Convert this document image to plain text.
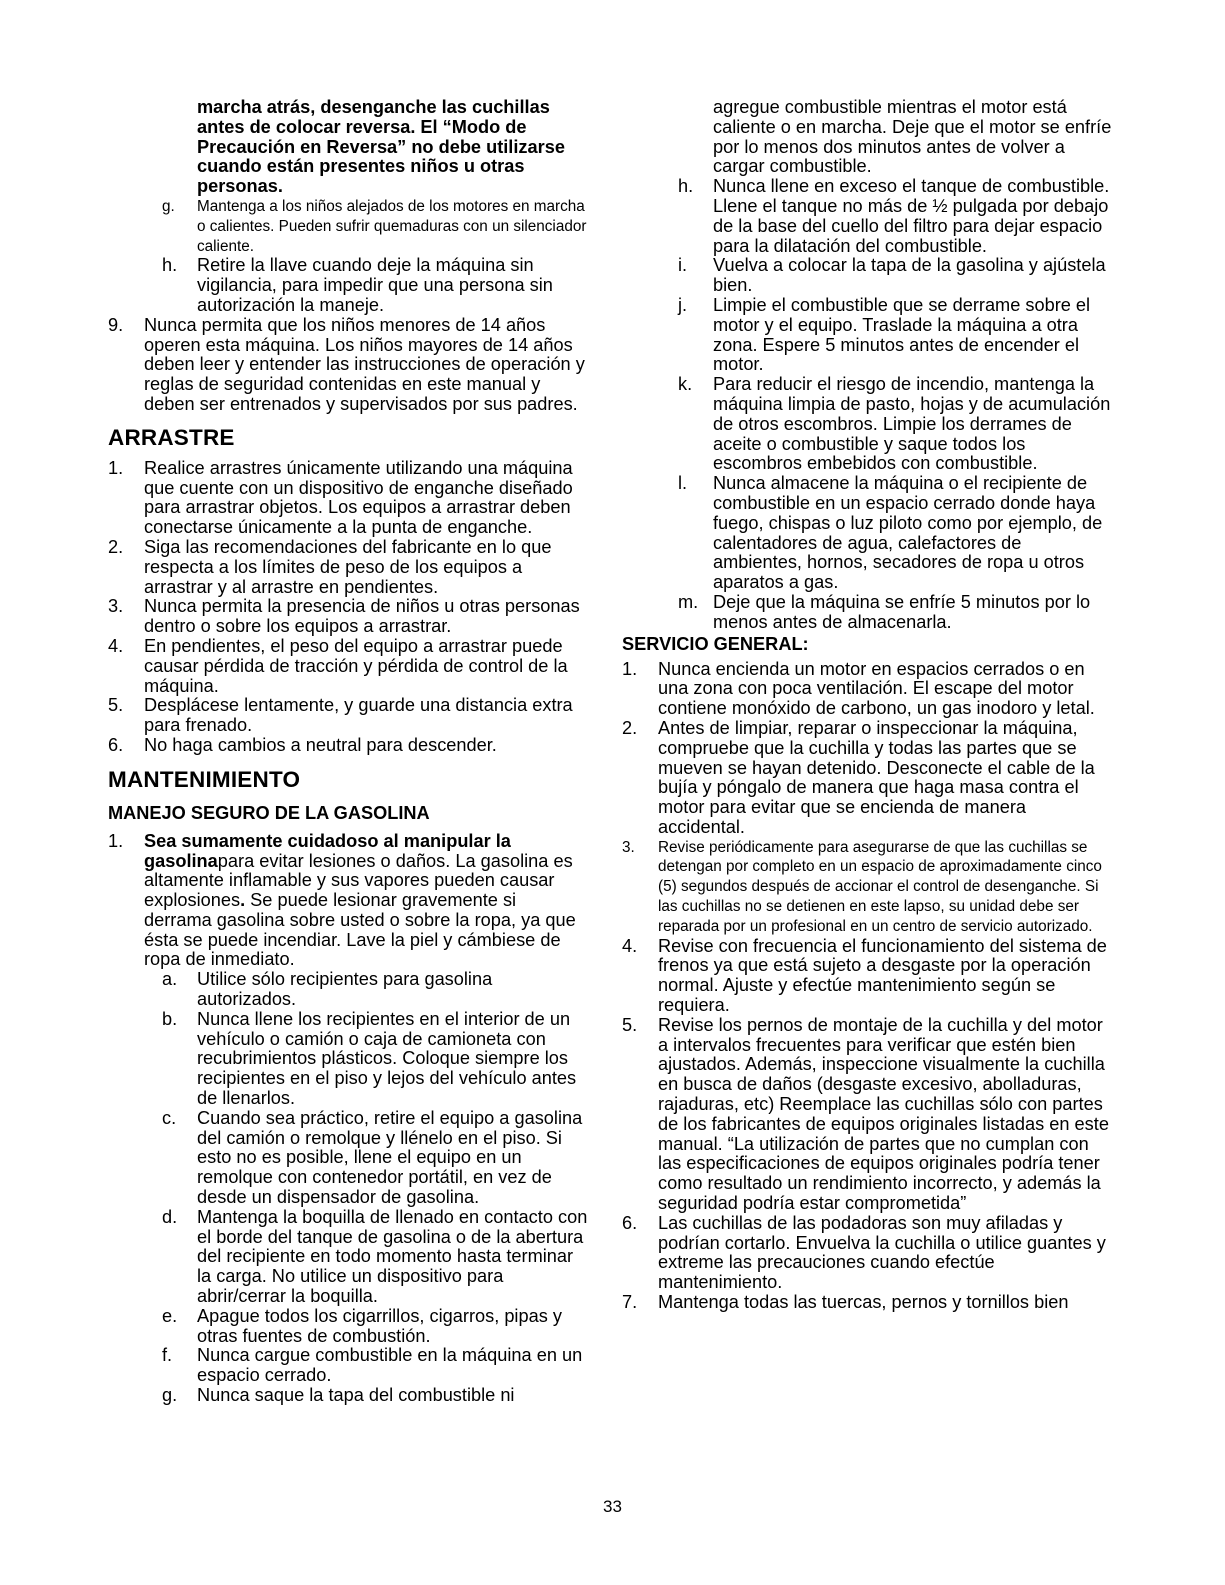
marcha atrás, desenganche las cuchillas antes de colocar reversa. El “Modo de Precaución en Reversa” no debe utilizarse cuando están presentes niños u otras personas.
g. Mantenga a los niños alejados de los motores en marcha o calientes. Pueden sufrir quemaduras con un silenciador caliente.
h. Retire la llave cuando deje la máquina sin vigilancia, para impedir que una persona sin autorización la maneje.
9. Nunca permita que los niños menores de 14 años operen esta máquina. Los niños mayores de 14 años deben leer y entender las instrucciones de operación y reglas de seguridad contenidas en este manual y deben ser entrenados y supervisados por sus padres.
ARRASTRE
1. Realice arrastres únicamente utilizando una máquina que cuente con un dispositivo de enganche diseñado para arrastrar objetos. Los equipos a arrastrar deben conectarse únicamente a la punta de enganche.
2. Siga las recomendaciones del fabricante en lo que respecta a los límites de peso de los equipos a arrastrar y al arrastre en pendientes.
3. Nunca permita la presencia de niños u otras personas dentro o sobre los equipos a arrastrar.
4. En pendientes, el peso del equipo a arrastrar puede causar pérdida de tracción y pérdida de control de la máquina.
5. Desplácese lentamente, y guarde una distancia extra para frenado.
6. No haga cambios a neutral para descender.
MANTENIMIENTO
MANEJO SEGURO DE LA GASOLINA
1. Sea sumamente cuidadoso al manipular la gasolinapara evitar lesiones o daños. La gasolina es altamente inflamable y sus vapores pueden causar explosiones. Se puede lesionar gravemente si derrama gasolina sobre usted o sobre la ropa, ya que ésta se puede incendiar. Lave la piel y cámbiese de ropa de inmediato.
a. Utilice sólo recipientes para gasolina autorizados.
b. Nunca llene los recipientes en el interior de un vehículo o camión o caja de camioneta con recubrimientos plásticos. Coloque siempre los recipientes en el piso y lejos del vehículo antes de llenarlos.
c. Cuando sea práctico, retire el equipo a gasolina del camión o remolque y llénelo en el piso. Si esto no es posible, llene el equipo en un remolque con contenedor portátil, en vez de desde un dispensador de gasolina.
d. Mantenga la boquilla de llenado en contacto con el borde del tanque de gasolina o de la abertura del recipiente en todo momento hasta terminar la carga. No utilice un dispositivo para abrir/cerrar la boquilla.
e. Apague todos los cigarrillos, cigarros, pipas y otras fuentes de combustión.
f. Nunca cargue combustible en la máquina en un espacio cerrado.
g. Nunca saque la tapa del combustible ni
agregue combustible mientras el motor está caliente o en marcha. Deje que el motor se enfríe por lo menos dos minutos antes de volver a cargar combustible.
h. Nunca llene en exceso el tanque de combustible. Llene el tanque no más de ½ pulgada por debajo de la base del cuello del filtro para dejar espacio para la dilatación del combustible.
i. Vuelva a colocar la tapa de la gasolina y ajústela bien.
j. Limpie el combustible que se derrame sobre el motor y el equipo. Traslade la máquina a otra zona. Espere 5 minutos antes de encender el motor.
k. Para reducir el riesgo de incendio, mantenga la máquina limpia de pasto, hojas y de acumulación de otros escombros. Limpie los derrames de aceite o combustible y saque todos los escombros embebidos con combustible.
l. Nunca almacene la máquina o el recipiente de combustible en un espacio cerrado donde haya fuego, chispas o luz piloto como por ejemplo, de calentadores de agua, calefactores de ambientes, hornos, secadores de ropa u otros aparatos a gas.
m. Deje que la máquina se enfríe 5 minutos por lo menos antes de almacenarla.
SERVICIO GENERAL:
1. Nunca encienda un motor en espacios cerrados o en una zona con poca ventilación. El escape del motor contiene monóxido de carbono, un gas inodoro y letal.
2. Antes de limpiar, reparar o inspeccionar la máquina, compruebe que la cuchilla y todas las partes que se mueven se hayan detenido. Desconecte el cable de la bujía y póngalo de manera que haga masa contra el motor para evitar que se encienda de manera accidental.
3. Revise periódicamente para asegurarse de que las cuchillas se detengan por completo en un espacio de aproximadamente cinco (5) segundos después de accionar el control de desenganche. Si las cuchillas no se detienen en este lapso, su unidad debe ser reparada por un profesional en un centro de servicio autorizado.
4. Revise con frecuencia el funcionamiento del sistema de frenos ya que está sujeto a desgaste por la operación normal. Ajuste y efectúe mantenimiento según se requiera.
5. Revise los pernos de montaje de la cuchilla y del motor a intervalos frecuentes para verificar que estén bien ajustados. Además, inspeccione visualmente la cuchilla en busca de daños (desgaste excesivo, abolladuras, rajaduras, etc) Reemplace las cuchillas sólo con partes de los fabricantes de equipos originales listadas en este manual. “La utilización de partes que no cumplan con las especificaciones de equipos originales podría tener como resultado un rendimiento incorrecto, y además la seguridad podría estar comprometida”
6. Las cuchillas de las podadoras son muy afiladas y podrían cortarlo. Envuelva la cuchilla o utilice guantes y extreme las precauciones cuando efectúe mantenimiento.
7. Mantenga todas las tuercas, pernos y tornillos bien
33
